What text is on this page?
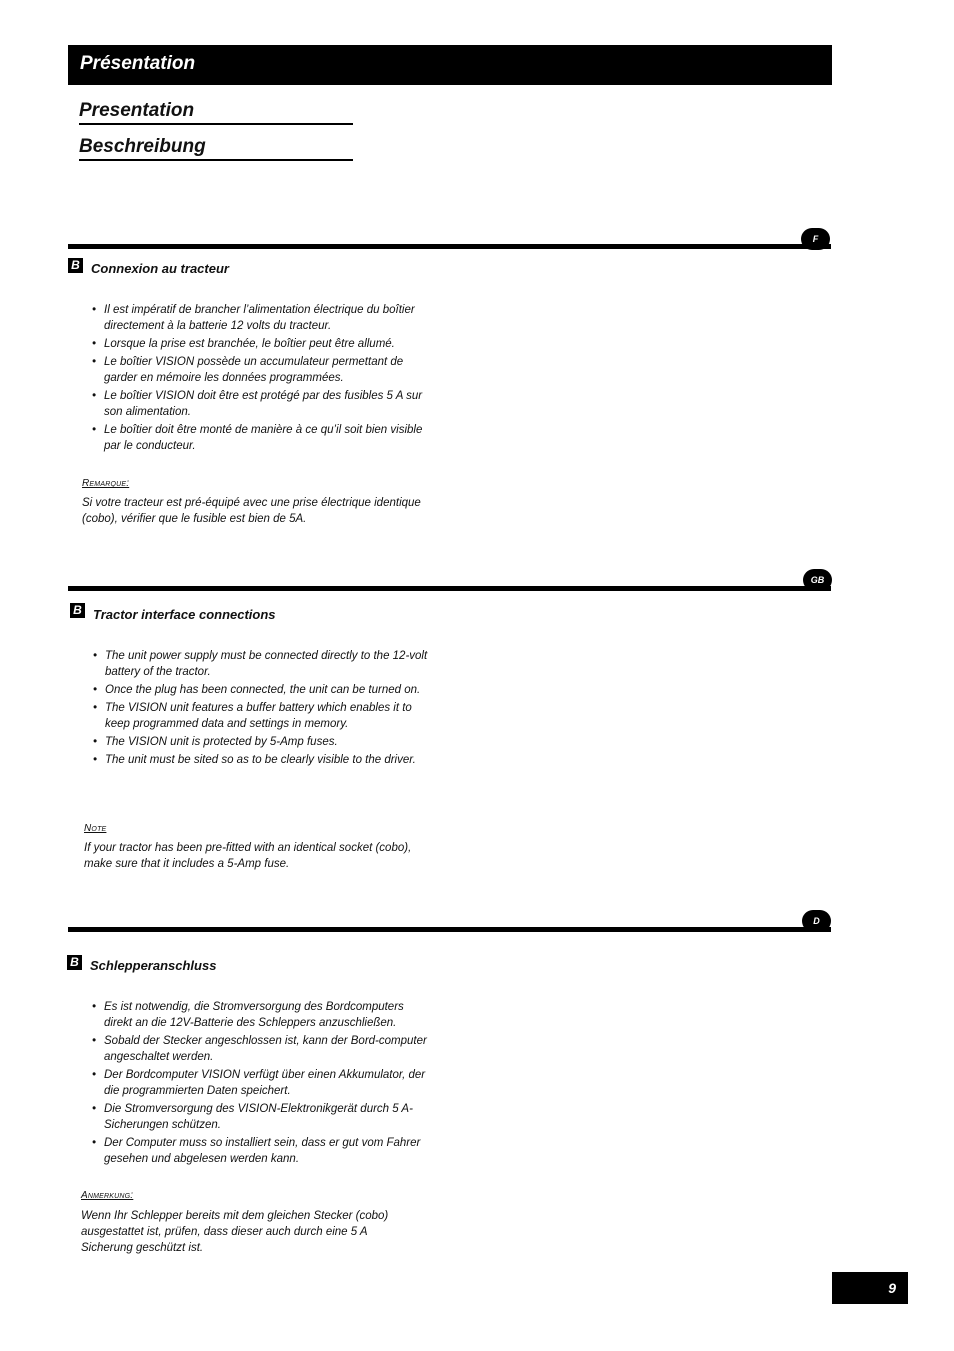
Présentation
Presentation
Beschreibung
F
B Connexion au tracteur
• Il est impératif de brancher l’alimentation électrique du boîtier directement à la batterie 12 volts du tracteur.
• Lorsque la prise est branchée, le boîtier peut être allumé.
• Le boîtier VISION possède un accumulateur permettant de garder en mémoire les données programmées.
• Le boîtier VISION doit être est protégé par des fusibles 5 A sur son alimentation.
• Le boîtier doit être monté de manière à ce qu’il soit bien visible par le conducteur.
Remarque:
Si votre tracteur est pré-équipé avec une prise électrique identique (cobo), vérifier que le fusible est bien de 5A.
GB
B Tractor interface connections
• The unit power supply must be connected directly to the 12-volt battery of the tractor.
• Once the plug has been connected, the unit can be turned on.
• The VISION unit features a buffer battery which enables it to keep programmed data and settings in memory.
• The VISION unit is protected by 5-Amp fuses.
• The unit must be sited so as to be clearly visible to the driver.
Note
If your tractor has been pre-fitted with an identical socket (cobo), make sure that it includes a 5-Amp fuse.
D
B Schlepperanschluss
• Es ist notwendig, die Stromversorgung des Bordcomputers direkt an die 12V-Batterie des Schleppers anzuschließen.
• Sobald der Stecker angeschlossen ist, kann der Bord-computer angeschaltet werden.
• Der Bordcomputer VISION verfügt über einen Akkumulator, der die programmierten Daten speichert.
• Die Stromversorgung des VISION-Elektronikgerät durch 5 A-Sicherungen schützen.
• Der Computer muss so installiert sein, dass er gut vom Fahrer gesehen und abgelesen werden kann.
Anmerkung:
Wenn Ihr Schlepper bereits mit dem gleichen Stecker (cobo) ausgestattet ist, prüfen, dass dieser auch durch eine 5 A Sicherung geschützt ist.
9
